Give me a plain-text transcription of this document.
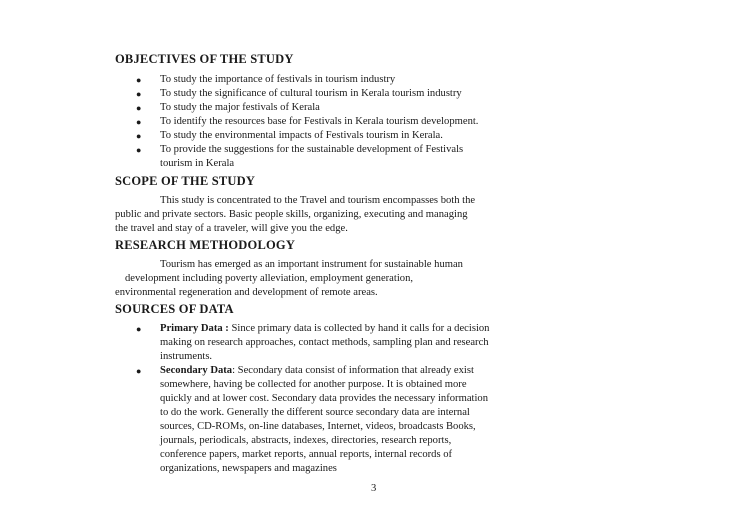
OBJECTIVES OF THE STUDY
● To study the importance of festivals in tourism industry

● To study the significance of cultural tourism in Kerala tourism industry

● To study the major festivals of Kerala

● To identify the resources base for Festivals in Kerala tourism development.

● To study the environmental impacts of Festivals tourism in Kerala.

● To provide the suggestions for the sustainable development of Festivals

tourism in Kerala

SCOPE OF THE STUDY

This study is concentrated to the Travel and tourism encompasses both the

public and private sectors. Basic people skills, organizing, executing and managing

the travel and stay of a traveler, will give you the edge.

RESEARCH METHODOLOGY

Tourism has emerged as an important instrument for sustainable human

development including poverty alleviation, employment generation,

environmental regeneration and development of remote areas.

SOURCES OF DATA
● Primary Data : Since primary data is collected by hand it calls for a decision

making on research approaches, contact methods, sampling plan and research

instruments.

● Secondary Data: Secondary data consist of information that already exist

somewhere, having be collected for another purpose. It is obtained more

quickly and at lower cost. Secondary data provides the necessary information

to do the work. Generally the different source secondary data are internal

sources, CD-ROMs, on-line databases, Internet, videos, broadcasts Books,

journals, periodicals, abstracts, indexes, directories, research reports,

conference papers, market reports, annual reports, internal records of

organizations, newspapers and magazines

3
